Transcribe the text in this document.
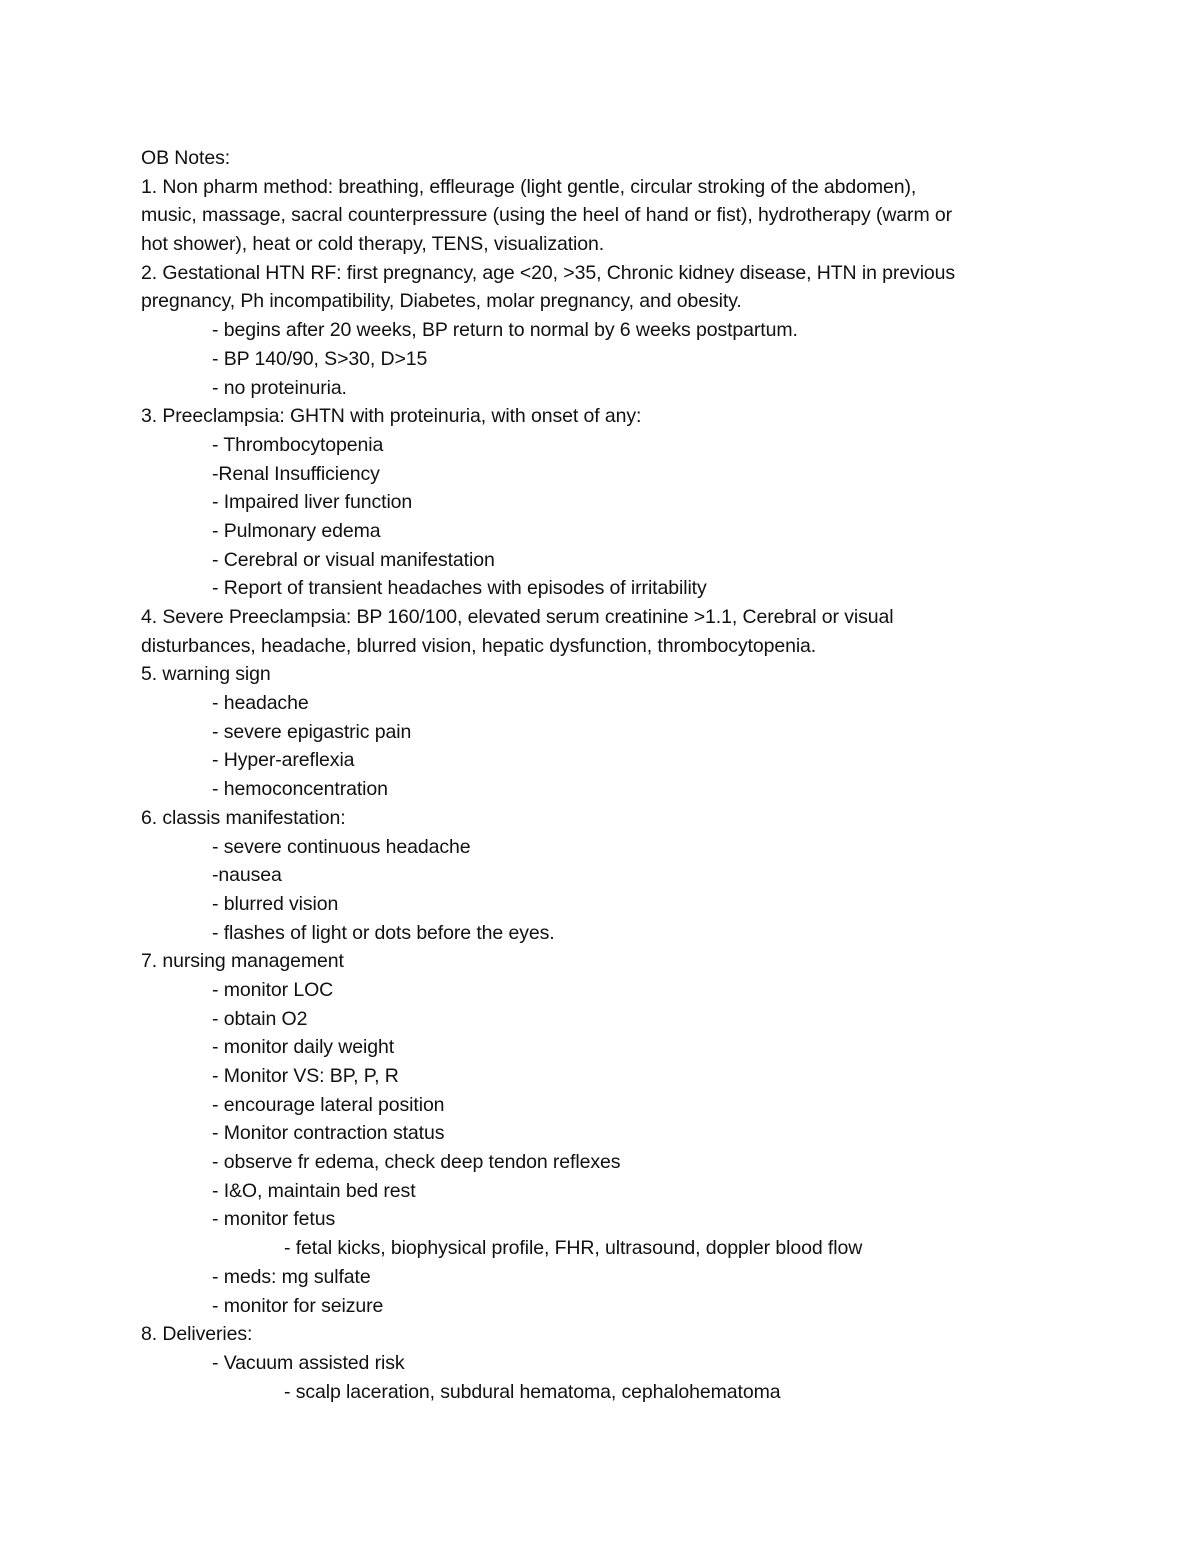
OB Notes:
1. Non pharm method: breathing, effleurage (light gentle, circular stroking of the abdomen),
music, massage, sacral counterpressure (using the heel of hand or fist), hydrotherapy (warm or
hot shower), heat or cold therapy, TENS, visualization.
2. Gestational HTN RF: first pregnancy, age <20, >35, Chronic kidney disease, HTN in previous
pregnancy, Ph incompatibility, Diabetes, molar pregnancy, and obesity.
- begins after 20 weeks, BP return to normal by 6 weeks postpartum.
- BP 140/90, S>30, D>15
- no proteinuria.
3. Preeclampsia: GHTN with proteinuria, with onset of any:
- Thrombocytopenia
-Renal Insufficiency
- Impaired liver function
- Pulmonary edema
- Cerebral or visual manifestation
- Report of transient headaches with episodes of irritability
4. Severe Preeclampsia: BP 160/100, elevated serum creatinine >1.1, Cerebral or visual
disturbances, headache, blurred vision, hepatic dysfunction, thrombocytopenia.
5. warning sign
- headache
- severe epigastric pain
- Hyper-areflexia
- hemoconcentration
6. classis manifestation:
- severe continuous headache
-nausea
- blurred vision
- flashes of light or dots before the eyes.
7. nursing management
- monitor LOC
- obtain O2
- monitor daily weight
- Monitor VS: BP, P, R
- encourage lateral position
- Monitor contraction status
- observe fr edema, check deep tendon reflexes
- I&O, maintain bed rest
- monitor fetus
- fetal kicks, biophysical profile, FHR, ultrasound, doppler blood flow
- meds: mg sulfate
- monitor for seizure
8. Deliveries:
- Vacuum assisted risk
- scalp laceration, subdural hematoma, cephalohematoma
